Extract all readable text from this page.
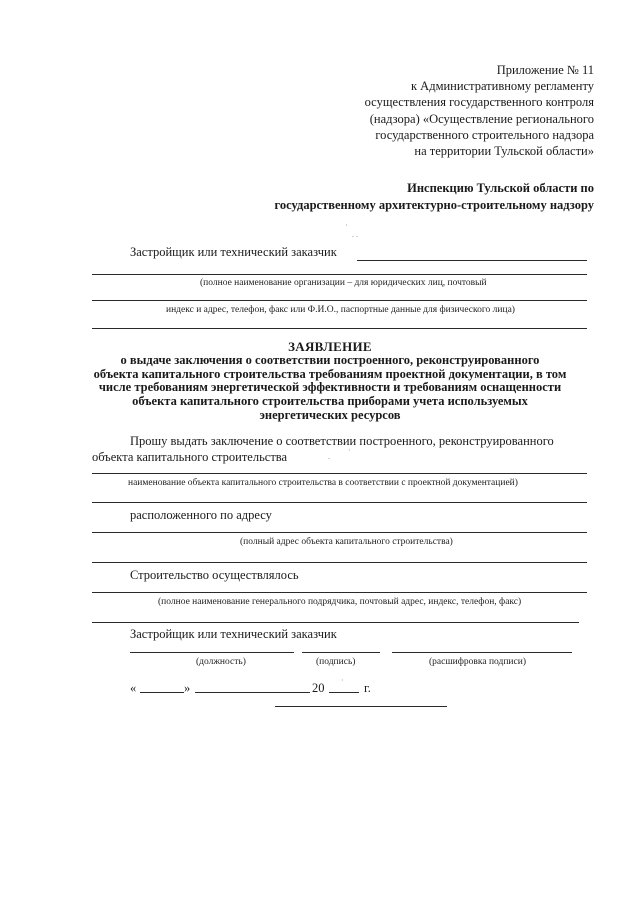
Приложение № 11
к Административному регламенту
осуществления государственного контроля
(надзора) «Осуществление регионального
государственного строительного надзора
на территории Тульской области»
Инспекцию Тульской области по
государственному архитектурно-строительному надзору
·
. .
Застройщик или технический заказчик
(полное наименование организации – для юридических лиц, почтовый
индекс и адрес, телефон, факс или Ф.И.О., паспортные данные для физического лица)
ЗАЯВЛЕНИЕ
о выдаче заключения о соответствии построенного, реконструированного
объекта капитального строительства требованиям проектной документации, в том
числе требованиям энергетической эффективности и требованиям оснащенности
объекта капитального строительства приборами учета используемых
энергетических ресурсов
Прошу выдать заключение о соответствии построенного, реконструированного
объекта капитального строительства	.
·
наименование объекта капитального строительства в соответствии с проектной документацией)
расположенного по адресу
(полный адрес объекта капитального строительства)
Строительство осуществлялось
(полное наименование генерального подрядчика, почтовый адрес, индекс, телефон, факс)
Застройщик или технический заказчик
(должность)	(подпись)	(расшифровка подписи)
«	»	20	г.
·
